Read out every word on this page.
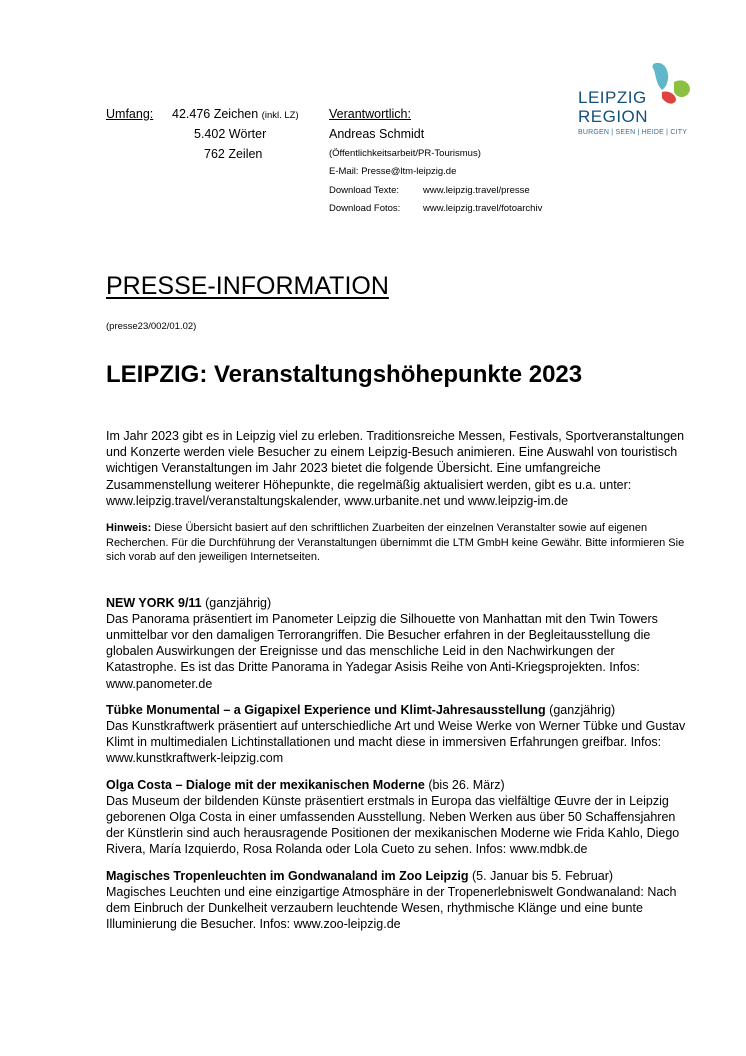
Umfang: 42.476 Zeichen (inkl. LZ)
5.402 Wörter
762 Zeilen
Verantwortlich:
Andreas Schmidt
(Öffentlichkeitsarbeit/PR-Tourismus)
E-Mail: Presse@ltm-leipzig.de
Download Texte:	www.leipzig.travel/presse
Download Fotos: www.leipzig.travel/fotoarchiv
LEIPZIG
REGION
BURGEN | SEEN | HEIDE | CITY
PRESSE-INFORMATION
(presse23/002/01.02)
LEIPZIG: Veranstaltungshöhepunkte 2023

Im Jahr 2023 gibt es in Leipzig viel zu erleben. Traditionsreiche Messen, Festivals, Sportveranstaltungen und Konzerte werden viele Besucher zu einem Leipzig-Besuch animieren. Eine Auswahl von touristisch wichtigen Veranstaltungen im Jahr 2023 bietet die folgende Übersicht. Eine umfangreiche Zusammenstellung weiterer Höhepunkte, die regelmäßig aktualisiert werden, gibt es u.a. unter: www.leipzig.travel/veranstaltungskalender, www.urbanite.net und www.leipzig-im.de

Hinweis: Diese Übersicht basiert auf den schriftlichen Zuarbeiten der einzelnen Veranstalter sowie auf eigenen Recherchen. Für die Durchführung der Veranstaltungen übernimmt die LTM GmbH keine Gewähr. Bitte informieren Sie sich vorab auf den jeweiligen Internetseiten.

NEW YORK 9/11 (ganzjährig)
Das Panorama präsentiert im Panometer Leipzig die Silhouette von Manhattan mit den Twin Towers unmittelbar vor den damaligen Terrorangriffen. Die Besucher erfahren in der Begleitausstellung die globalen Auswirkungen der Ereignisse und das menschliche Leid in den Nachwirkungen der Katastrophe. Es ist das Dritte Panorama in Yadegar Asisis Reihe von Anti-Kriegsprojekten. Infos: www.panometer.de

Tübke Monumental – a Gigapixel Experience und Klimt-Jahresausstellung (ganzjährig)
Das Kunstkraftwerk präsentiert auf unterschiedliche Art und Weise Werke von Werner Tübke und Gustav Klimt in multimedialen Lichtinstallationen und macht diese in immersiven Erfahrungen greifbar. Infos: www.kunstkraftwerk-leipzig.com

Olga Costa – Dialoge mit der mexikanischen Moderne (bis 26. März)
Das Museum der bildenden Künste präsentiert erstmals in Europa das vielfältige Œuvre der in Leipzig geborenen Olga Costa in einer umfassenden Ausstellung. Neben Werken aus über 50 Schaffensjahren der Künstlerin sind auch herausragende Positionen der mexikanischen Moderne wie Frida Kahlo, Diego Rivera, María Izquierdo, Rosa Rolanda oder Lola Cueto zu sehen. Infos: www.mdbk.de

Magisches Tropenleuchten im Gondwanaland im Zoo Leipzig (5. Januar bis 5. Februar)
Magisches Leuchten und eine einzigartige Atmosphäre in der Tropenerlebniswelt Gondwanaland: Nach dem Einbruch der Dunkelheit verzaubern leuchtende Wesen, rhythmische Klänge und eine bunte Illuminierung die Besucher. Infos: www.zoo-leipzig.de
